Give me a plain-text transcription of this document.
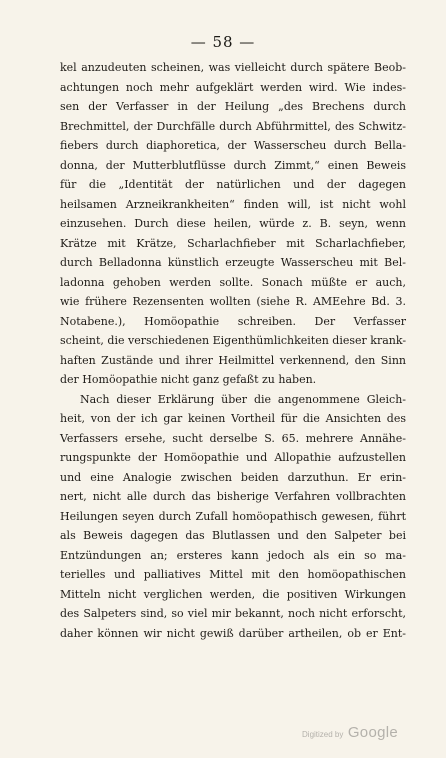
— 58 —
kel anzudeuten scheinen, was vielleicht durch spätere Beob-
achtungen noch mehr aufgeklärt werden wird. Wie indes-
sen der Verfasser in der Heilung „des Brechens durch
Brechmittel, der Durchfälle durch Abführmittel, des Schwitz-
fiebers durch diaphoretica, der Wasserscheu durch Bella-
donna, der Mutterblutflüsse durch Zimmt,“ einen Beweis
für die „Identität der natürlichen und der dagegen
heilsamen Arzneikrankheiten“ finden will, ist nicht wohl
einzusehen. Durch diese heilen, würde z. B. seyn, wenn
Krätze mit Krätze, Scharlachfieber mit Scharlachfieber,
durch Belladonna künstlich erzeugte Wasserscheu mit Bel-
ladonna gehoben werden sollte. Sonach müßte er auch,
wie frühere Rezensenten wollten (siehe R. AMEehre Bd. 3.
Notabene.), Homöopathie schreiben. Der Verfasser
scheint, die verschiedenen Eigenthümlichkeiten dieser krank-
haften Zustände und ihrer Heilmittel verkennend, den Sinn
der Homöopathie nicht ganz gefaßt zu haben.
Nach dieser Erklärung über die angenommene Gleich-
heit, von der ich gar keinen Vortheil für die Ansichten des
Verfassers ersehe, sucht derselbe S. 65. mehrere Annähe-
rungspunkte der Homöopathie und Allopathie aufzustellen
und eine Analogie zwischen beiden darzuthun. Er erin-
nert, nicht alle durch das bisherige Verfahren vollbrachten
Heilungen seyen durch Zufall homöopathisch gewesen, führt
als Beweis dagegen das Blutlassen und den Salpeter bei
Entzündungen an; ersteres kann jedoch als ein so ma-
terielles und palliatives Mittel mit den homöopathischen
Mitteln nicht verglichen werden, die positiven Wirkungen
des Salpeters sind, so viel mir bekannt, noch nicht erforscht,
daher können wir nicht gewiß darüber artheilen, ob er Ent-
Digitized by Google
